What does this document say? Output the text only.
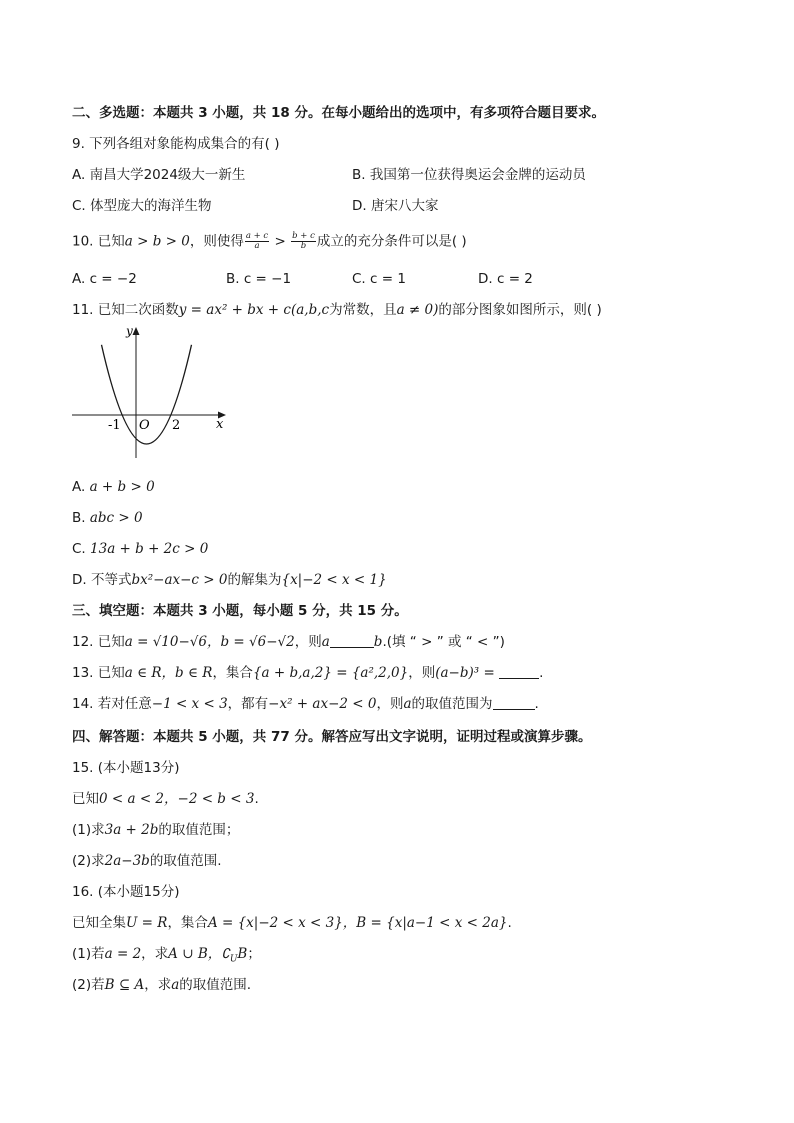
二、多选题：本题共 3 小题，共 18 分。在每小题给出的选项中，有多项符合题目要求。
9. 下列各组对象能构成集合的有( )
A. 南昌大学2024级大一新生	B. 我国第一位获得奥运会金牌的运动员
C. 体型庞大的海洋生物	D. 唐宋八大家
10. 已知a > b > 0，则使得 $\frac{a + c}{a} > \frac{b + c}{b}$ 成立的充分条件可以是( )
A. c = −2	B. c = −1	C. c = 1	D. c = 2
11. 已知二次函数y = ax² + bx + c(a,b,c为常数，且a ≠ 0)的部分图象如图所示，则( )
y
x
O
-1	2
A. a + b > 0
B. abc > 0
C. 13a + b + 2c > 0
D. 不等式bx²−ax−c > 0的解集为{x|−2 < x < 1}
三、填空题：本题共 3 小题，每小题 5 分，共 15 分。
12. 已知a = √10−√6，b = √6−√2，则a	b.(填 “ > ” 或 “ < ”)
13. 已知a ∈ R，b ∈ R，集合{a + b,a,2} = {a²,2,0}，则(a−b)³ =	.
14. 若对任意−1 < x < 3，都有−x² + ax−2 < 0，则a的取值范围为	.
四、解答题：本题共 5 小题，共 77 分。解答应写出文字说明，证明过程或演算步骤。
15. (本小题13分)
已知0 < a < 2，−2 < b < 3.
(1)求3a + 2b的取值范围；
(2)求2a−3b的取值范围.
16. (本小题15分)
已知全集U = R，集合A = {x|−2 < x < 3}，B = {x|a−1 < x < 2a}.
(1)若a = 2，求A ∪ B，$∁_UB$；
(2)若B ⊆ A，求a的取值范围.
